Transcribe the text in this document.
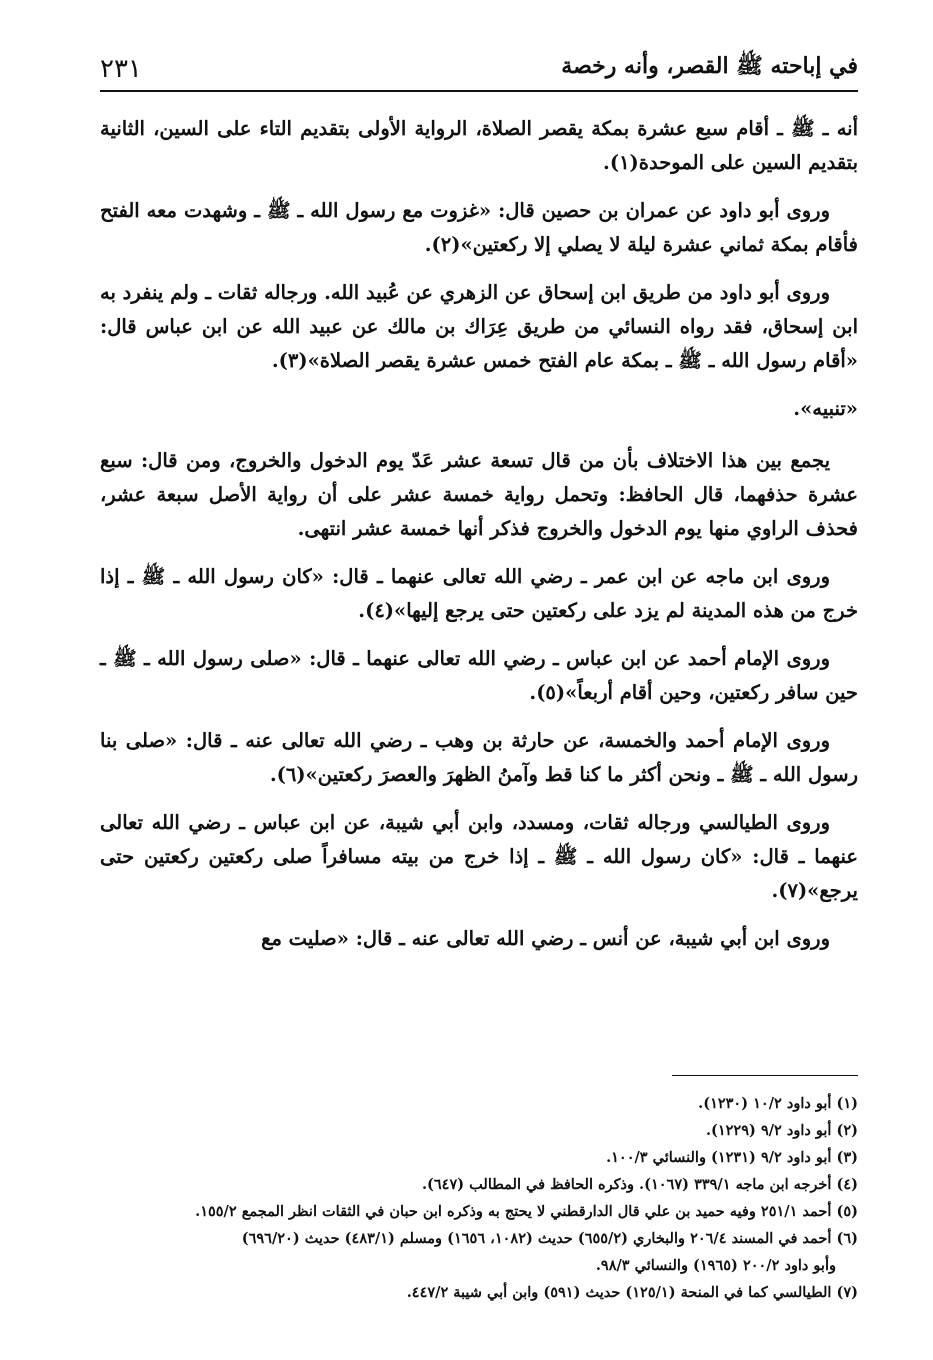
٢٣١	في إباحته ﷺ القصر، وأنه رخصة

أنه ـ ﷺ ـ أقام سبع عشرة بمكة يقصر الصلاة، الرواية الأولى بتقديم التاء على السين، الثانية بتقديم السين على الموحدة(١).

وروى أبو داود عن عمران بن حصين قال: «غزوت مع رسول الله ـ ﷺ ـ وشهدت معه الفتح فأقام بمكة ثماني عشرة ليلة لا يصلي إلا ركعتين»(٢).

وروى أبو داود من طريق ابن إسحاق عن الزهري عن عُبيد الله. ورجاله ثقات ـ ولم ينفرد به ابن إسحاق، فقد رواه النسائي من طريق عِرَاك بن مالك عن عبيد الله عن ابن عباس قال: «أقام رسول الله ـ ﷺ ـ بمكة عام الفتح خمس عشرة يقصر الصلاة»(٣).

«تنبيه».

يجمع بين هذا الاختلاف بأن من قال تسعة عشر عَدّ يوم الدخول والخروج، ومن قال: سبع عشرة حذفهما، قال الحافظ: وتحمل رواية خمسة عشر على أن رواية الأصل سبعة عشر، فحذف الراوي منها يوم الدخول والخروج فذكر أنها خمسة عشر انتهى.

وروى ابن ماجه عن ابن عمر ـ رضي الله تعالى عنهما ـ قال: «كان رسول الله ـ ﷺ ـ إذا خرج من هذه المدينة لم يزد على ركعتين حتى يرجع إليها»(٤).

وروى الإمام أحمد عن ابن عباس ـ رضي الله تعالى عنهما ـ قال: «صلى رسول الله ـ ﷺ ـ حين سافر ركعتين، وحين أقام أربعاً»(٥).

وروى الإمام أحمد والخمسة، عن حارثة بن وهب ـ رضي الله تعالى عنه ـ قال: «صلى بنا رسول الله ـ ﷺ ـ ونحن أكثر ما كنا قط وآمنُ الظهرَ والعصرَ ركعتين»(٦).

وروى الطيالسي ورجاله ثقات، ومسدد، وابن أبي شيبة، عن ابن عباس ـ رضي الله تعالى عنهما ـ قال: «كان رسول الله ـ ﷺ ـ إذا خرج من بيته مسافراً صلى ركعتين ركعتين حتى يرجع»(٧).

وروى ابن أبي شيبة، عن أنس ـ رضي الله تعالى عنه ـ قال: «صليت مع

(١) أبو داود ١٠/٢ (١٢٣٠).
(٢) أبو داود ٩/٢ (١٢٢٩).
(٣) أبو داود ٩/٢ (١٢٣١) والنسائي ١٠٠/٣.
(٤) أخرجه ابن ماجه ٣٣٩/١ (١٠٦٧). وذكره الحافظ في المطالب (٦٤٧).
(٥) أحمد ٢٥١/١ وفيه حميد بن علي قال الدارقطني لا يحتج به وذكره ابن حبان في الثقات انظر المجمع ١٥٥/٢.
(٦) أحمد في المسند ٢٠٦/٤ والبخاري (٦٥٥/٢) حديث (١٠٨٢، ١٦٥٦) ومسلم (٤٨٣/١) حديث (٦٩٦/٢٠)
وأبو داود ٢٠٠/٢ (١٩٦٥) والنسائي ٩٨/٣.
(٧) الطيالسي كما في المنحة (١٢٥/١) حديث (٥٩١) وابن أبي شيبة ٤٤٧/٢.
